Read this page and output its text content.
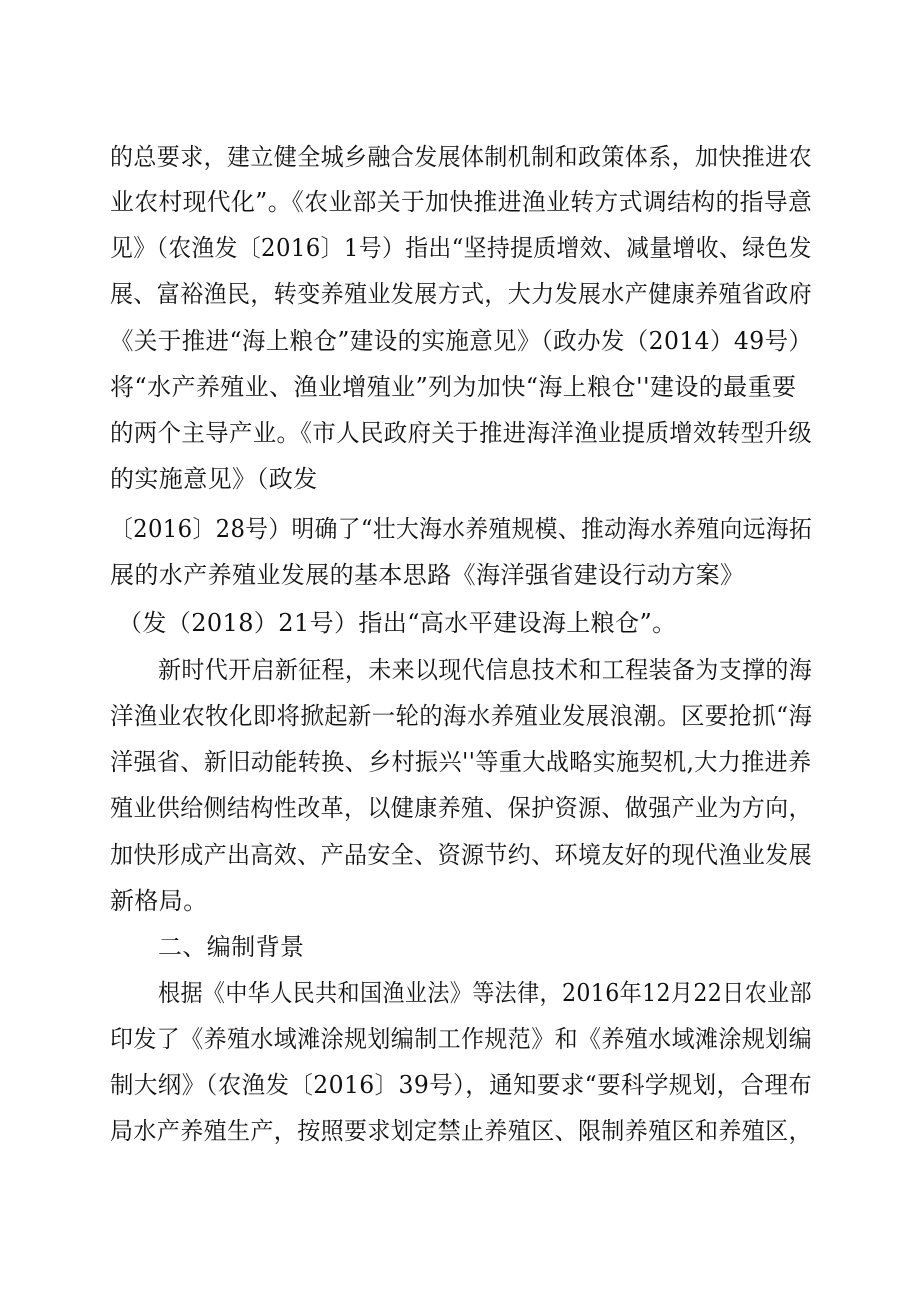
的总要求，建立健全城乡融合发展体制机制和政策体系，加快推进农
业农村现代化”。《农业部关于加快推进渔业转方式调结构的指导意
见》（农渔发〔2016〕1号）指出“坚持提质增效、减量增收、绿色发
展、富裕渔民，转变养殖业发展方式，大力发展水产健康养殖省政府
《关于推进“海上粮仓”建设的实施意见》（政办发（2014）49号）
将“水产养殖业、渔业增殖业”列为加快“海上粮仓''建设的最重要
的两个主导产业。《市人民政府关于推进海洋渔业提质增效转型升级
的实施意见》（政发
〔2016〕28号）明确了“壮大海水养殖规模、推动海水养殖向远海拓
展的水产养殖业发展的基本思路《海洋强省建设行动方案》
（发（2018）21号）指出“高水平建设海上粮仓”。
新时代开启新征程，未来以现代信息技术和工程装备为支撑的海
洋渔业农牧化即将掀起新一轮的海水养殖业发展浪潮。区要抢抓“海
洋强省、新旧动能转换、乡村振兴''等重大战略实施契机,大力推进养
殖业供给侧结构性改革，以健康养殖、保护资源、做强产业为方向，
加快形成产出高效、产品安全、资源节约、环境友好的现代渔业发展
新格局。
二、编制背景
根据《中华人民共和国渔业法》等法律，2016年12月22日农业部
印发了《养殖水域滩涂规划编制工作规范》和《养殖水域滩涂规划编
制大纲》（农渔发〔2016〕39号），通知要求“要科学规划，合理布
局水产养殖生产，按照要求划定禁止养殖区、限制养殖区和养殖区，
